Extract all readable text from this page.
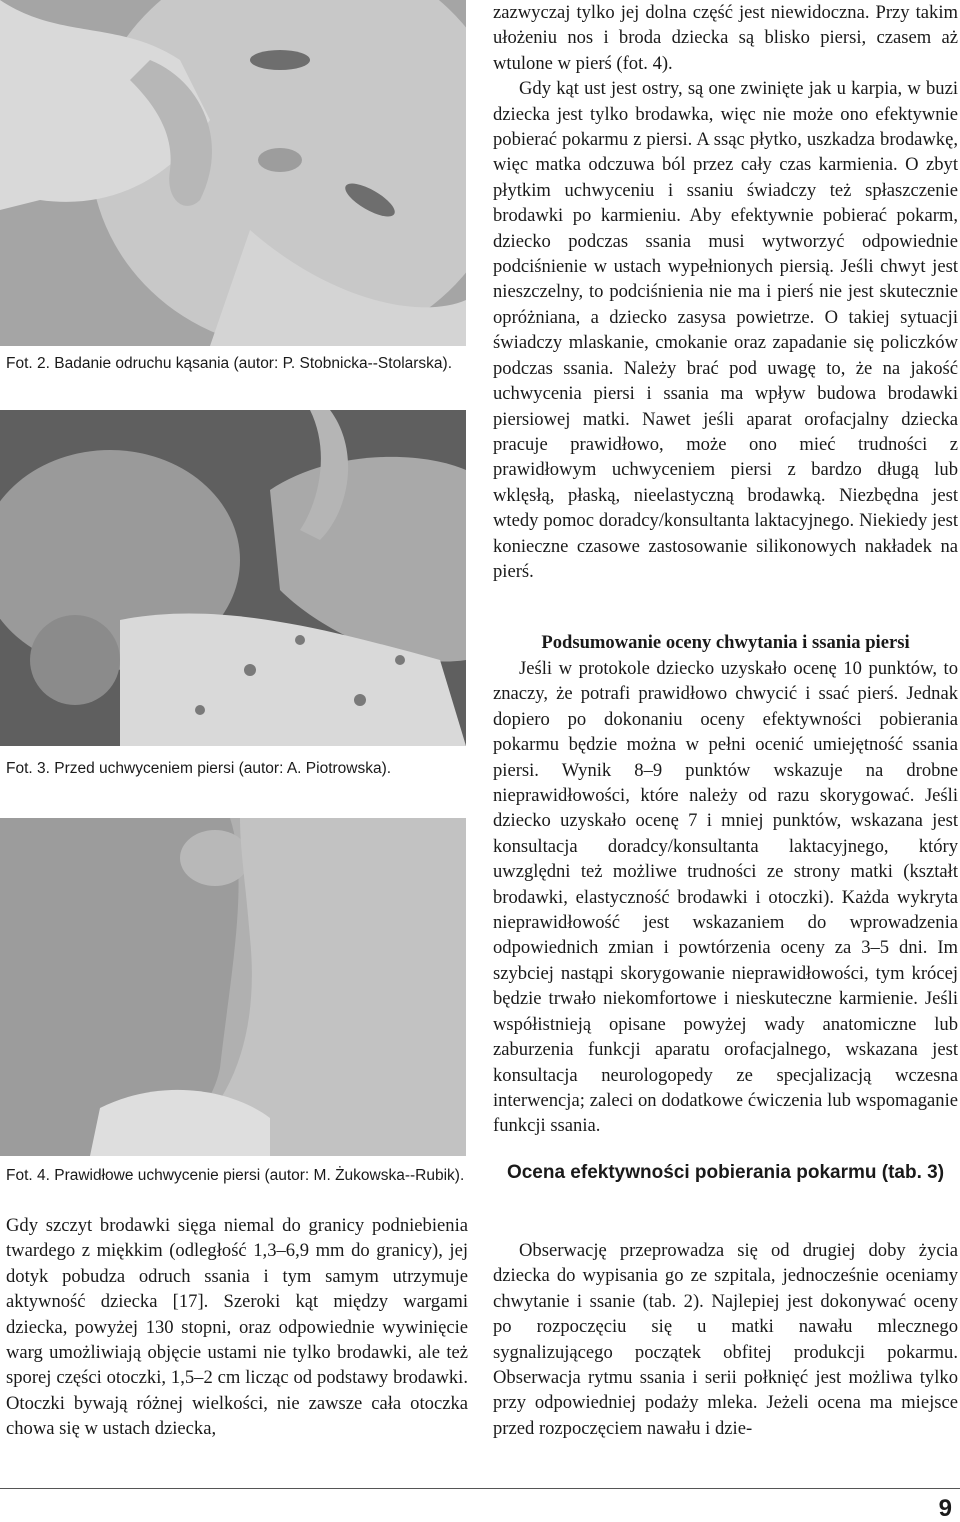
Fot. 2. Badanie odruchu kąsania (autor: P. Stobnicka--Stolarska).
Fot. 3. Przed uchwyceniem piersi (autor: A. Piotrowska).
Fot. 4. Prawidłowe uchwycenie piersi (autor: M. Żukowska--Rubik).

Gdy szczyt brodawki sięga niemal do granicy podniebienia twardego z miękkim (odległość 1,3–6,9 mm do granicy), jej dotyk pobudza odruch ssania i tym samym utrzymuje aktywność dziecka [17]. Szeroki kąt między wargami dziecka, powyżej 130 stopni, oraz odpowiednie wywinięcie warg umożliwiają objęcie ustami nie tylko brodawki, ale też sporej części otoczki, 1,5–2 cm licząc od podstawy brodawki. Otoczki bywają różnej wielkości, nie zawsze cała otoczka chowa się w ustach dziecka,

zazwyczaj tylko jej dolna część jest niewidoczna. Przy takim ułożeniu nos i broda dziecka są blisko piersi, czasem aż wtulone w pierś (fot. 4).

Gdy kąt ust jest ostry, są one zwinięte jak u karpia, w buzi dziecka jest tylko brodawka, więc nie może ono efektywnie pobierać pokarmu z piersi. A ssąc płytko, uszkadza brodawkę, więc matka odczuwa ból przez cały czas karmienia. O zbyt płytkim uchwyceniu i ssaniu świadczy też spłaszczenie brodawki po karmieniu. Aby efektywnie pobierać pokarm, dziecko podczas ssania musi wytworzyć odpowiednie podciśnienie w ustach wypełnionych piersią. Jeśli chwyt jest nieszczelny, to podciśnienia nie ma i pierś nie jest skutecznie opróżniana, a dziecko zasysa powietrze. O takiej sytuacji świadczy mlaskanie, cmokanie oraz zapadanie się policzków podczas ssania. Należy brać pod uwagę to, że na jakość uchwycenia piersi i ssania ma wpływ budowa brodawki piersiowej matki. Nawet jeśli aparat orofacjalny dziecka pracuje prawidłowo, może ono mieć trudności z prawidłowym uchwyceniem piersi z bardzo długą lub wklęsłą, płaską, nieelastyczną brodawką. Niezbędna jest wtedy pomoc doradcy/konsultanta laktacyjnego. Niekiedy jest konieczne czasowe zastosowanie silikonowych nakładek na pierś.

Podsumowanie oceny chwytania i ssania piersi

Jeśli w protokole dziecko uzyskało ocenę 10 punktów, to znaczy, że potrafi prawidłowo chwycić i ssać pierś. Jednak dopiero po dokonaniu oceny efektywności pobierania pokarmu będzie można w pełni ocenić umiejętność ssania piersi. Wynik 8–9 punktów wskazuje na drobne nieprawidłowości, które należy od razu skorygować. Jeśli dziecko uzyskało ocenę 7 i mniej punktów, wskazana jest konsultacja doradcy/konsultanta laktacyjnego, który uwzględni też możliwe trudności ze strony matki (kształt brodawki, elastyczność brodawki i otoczki). Każda wykryta nieprawidłowość jest wskazaniem do wprowadzenia odpowiednich zmian i powtórzenia oceny za 3–5 dni. Im szybciej nastąpi skorygowanie nieprawidłowości, tym krócej będzie trwało niekomfortowe i nieskuteczne karmienie. Jeśli współistnieją opisane powyżej wady anatomiczne lub zaburzenia funkcji aparatu orofacjalnego, wskazana jest konsultacja neurologopedy ze specjalizacją wczesna interwencja; zaleci on dodatkowe ćwiczenia lub wspomaganie funkcji ssania.

Ocena efektywności pobierania pokarmu (tab. 3)

Obserwację przeprowadza się od drugiej doby życia dziecka do wypisania go ze szpitala, jednocześnie oceniamy chwytanie i ssanie (tab. 2). Najlepiej jest dokonywać oceny po rozpoczęciu się u matki nawału mlecznego sygnalizującego początek obfitej produkcji pokarmu. Obserwacja rytmu ssania i serii połknięć jest możliwa tylko przy odpowiedniej podaży mleka. Jeżeli ocena ma miejsce przed rozpoczęciem nawału i dzie-

9
